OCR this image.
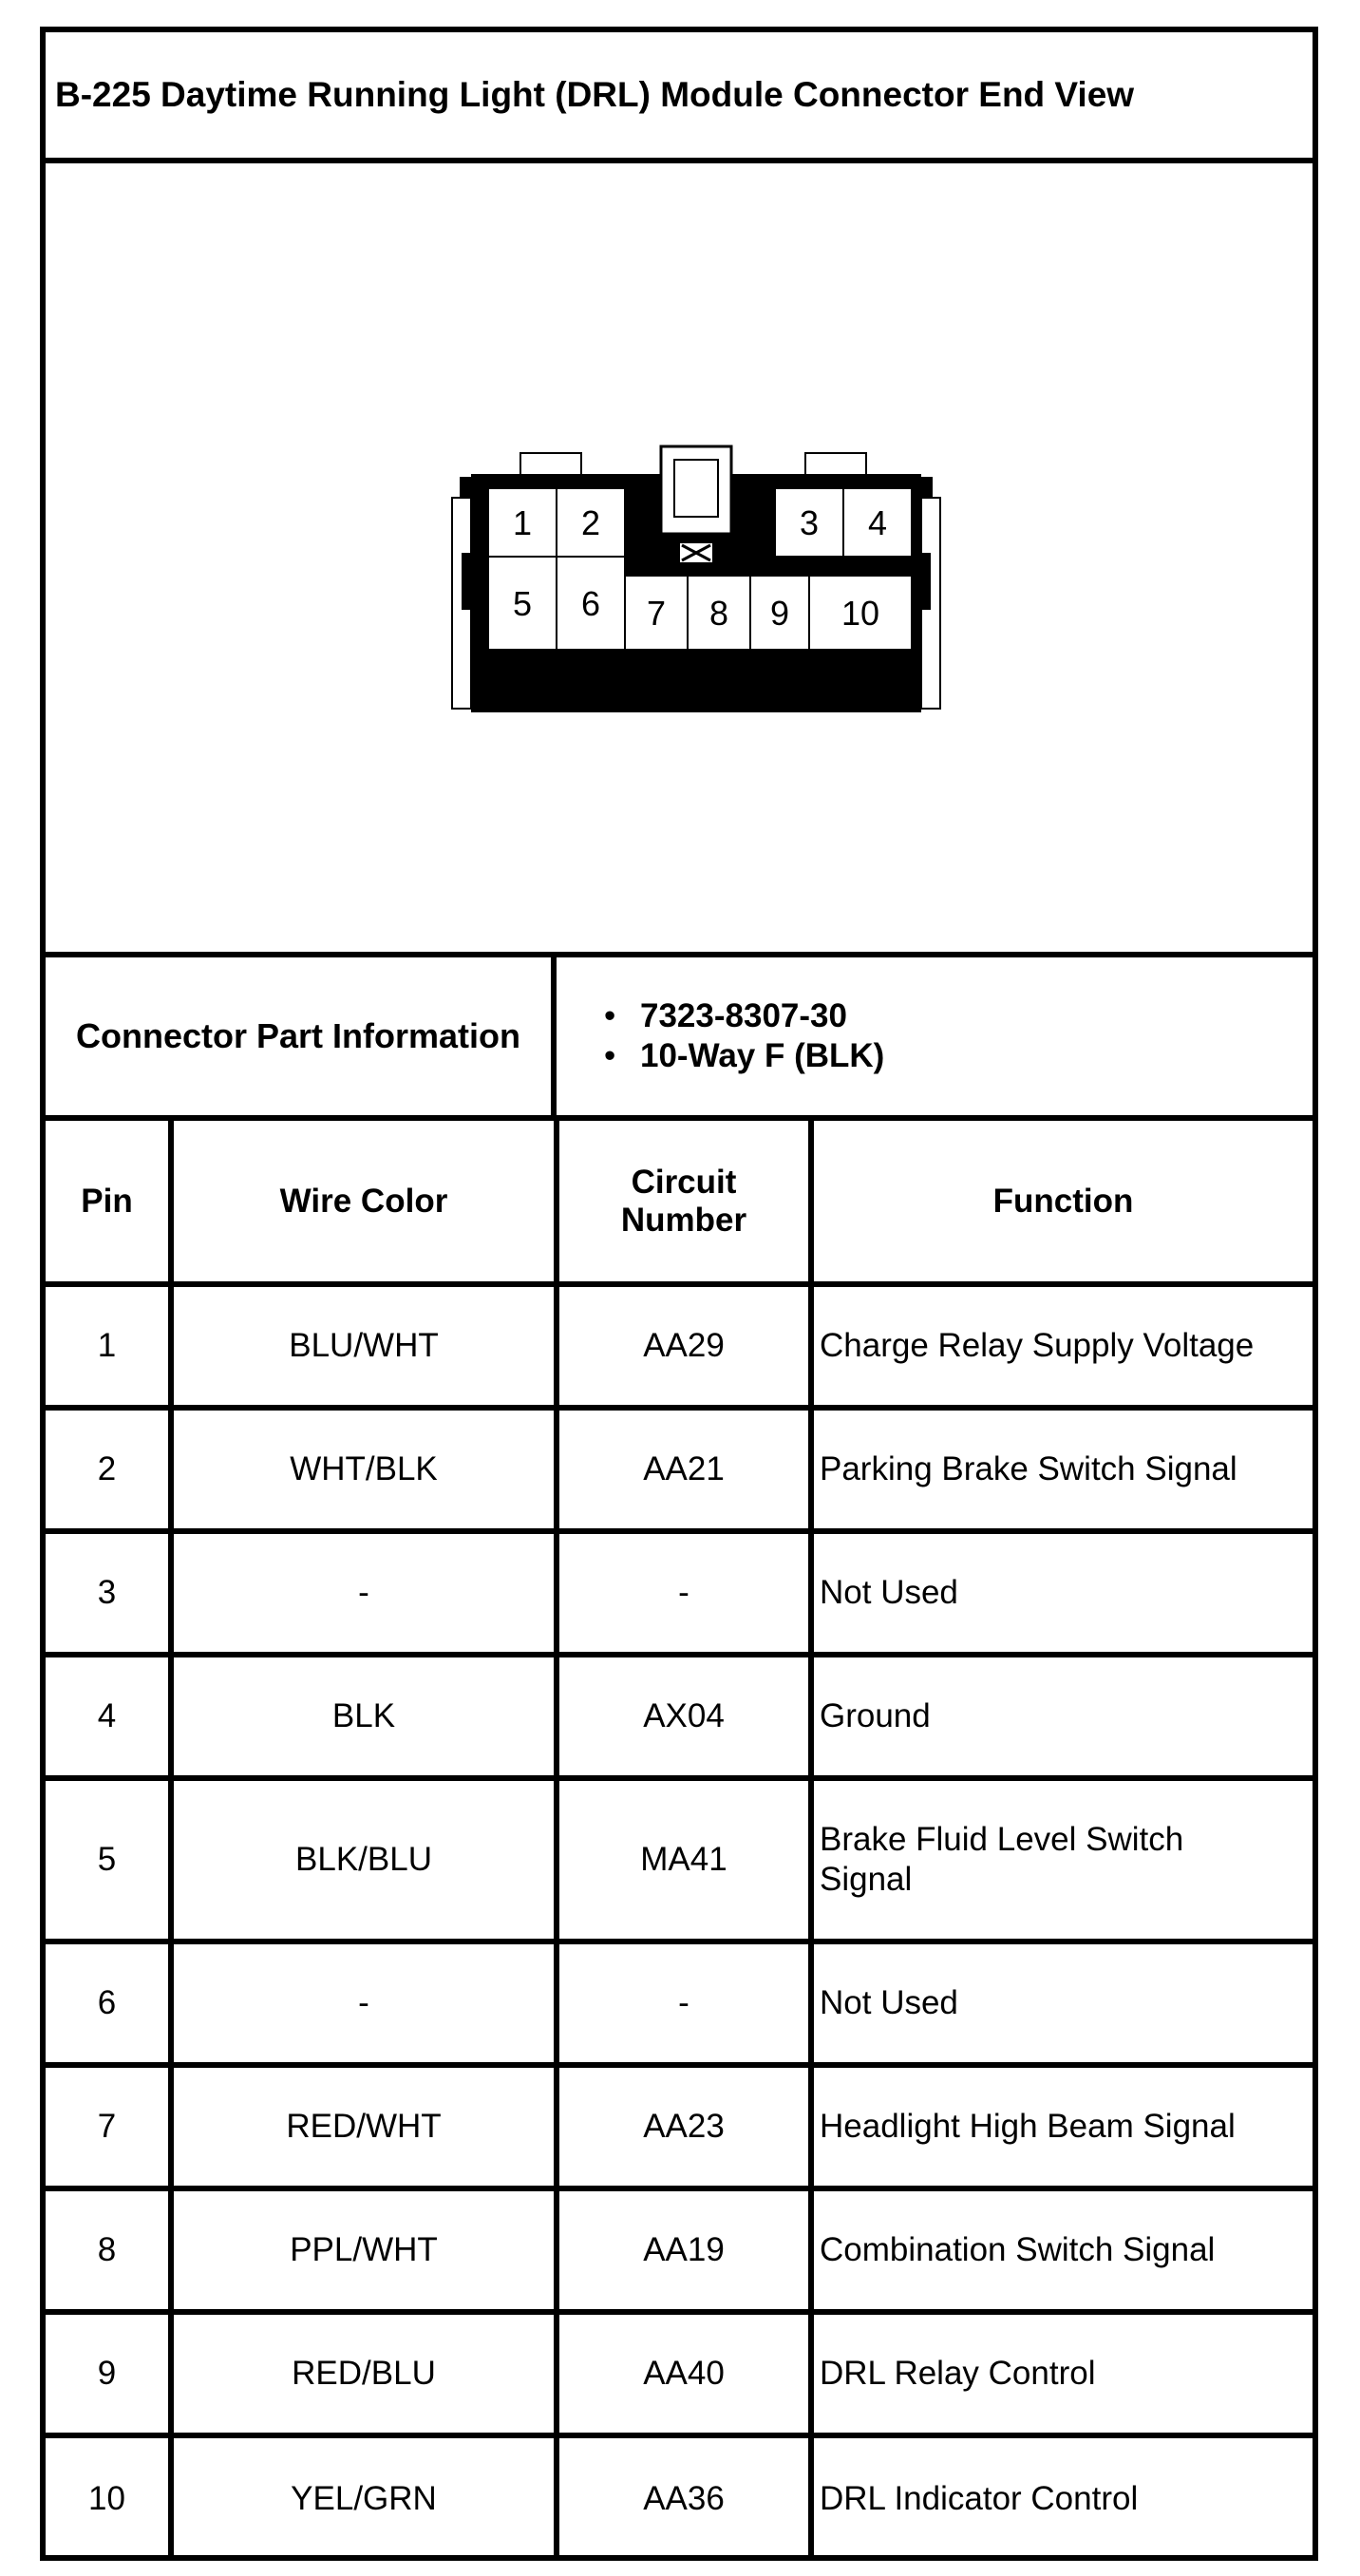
B-225 Daytime Running Light (DRL) Module Connector End View
1 2	3 4
5 6 7 8 9 10
Connector Part Information
• 7323-8307-30
• 10-Way F (BLK)
Pin	Wire Color	Circuit
Number	Function
1	BLU/WHT	AA29	Charge Relay Supply Voltage
2	WHT/BLK	AA21	Parking Brake Switch Signal
3	-	-	Not Used
4	BLK	AX04	Ground
5	BLK/BLU	MA41	Brake Fluid Level Switch
Signal

6	-	-	Not Used
7	RED/WHT	AA23	Headlight High Beam Signal
8	PPL/WHT	AA19	Combination Switch Signal
9	RED/BLU	AA40	DRL Relay Control
10	YEL/GRN	AA36	DRL Indicator Control
